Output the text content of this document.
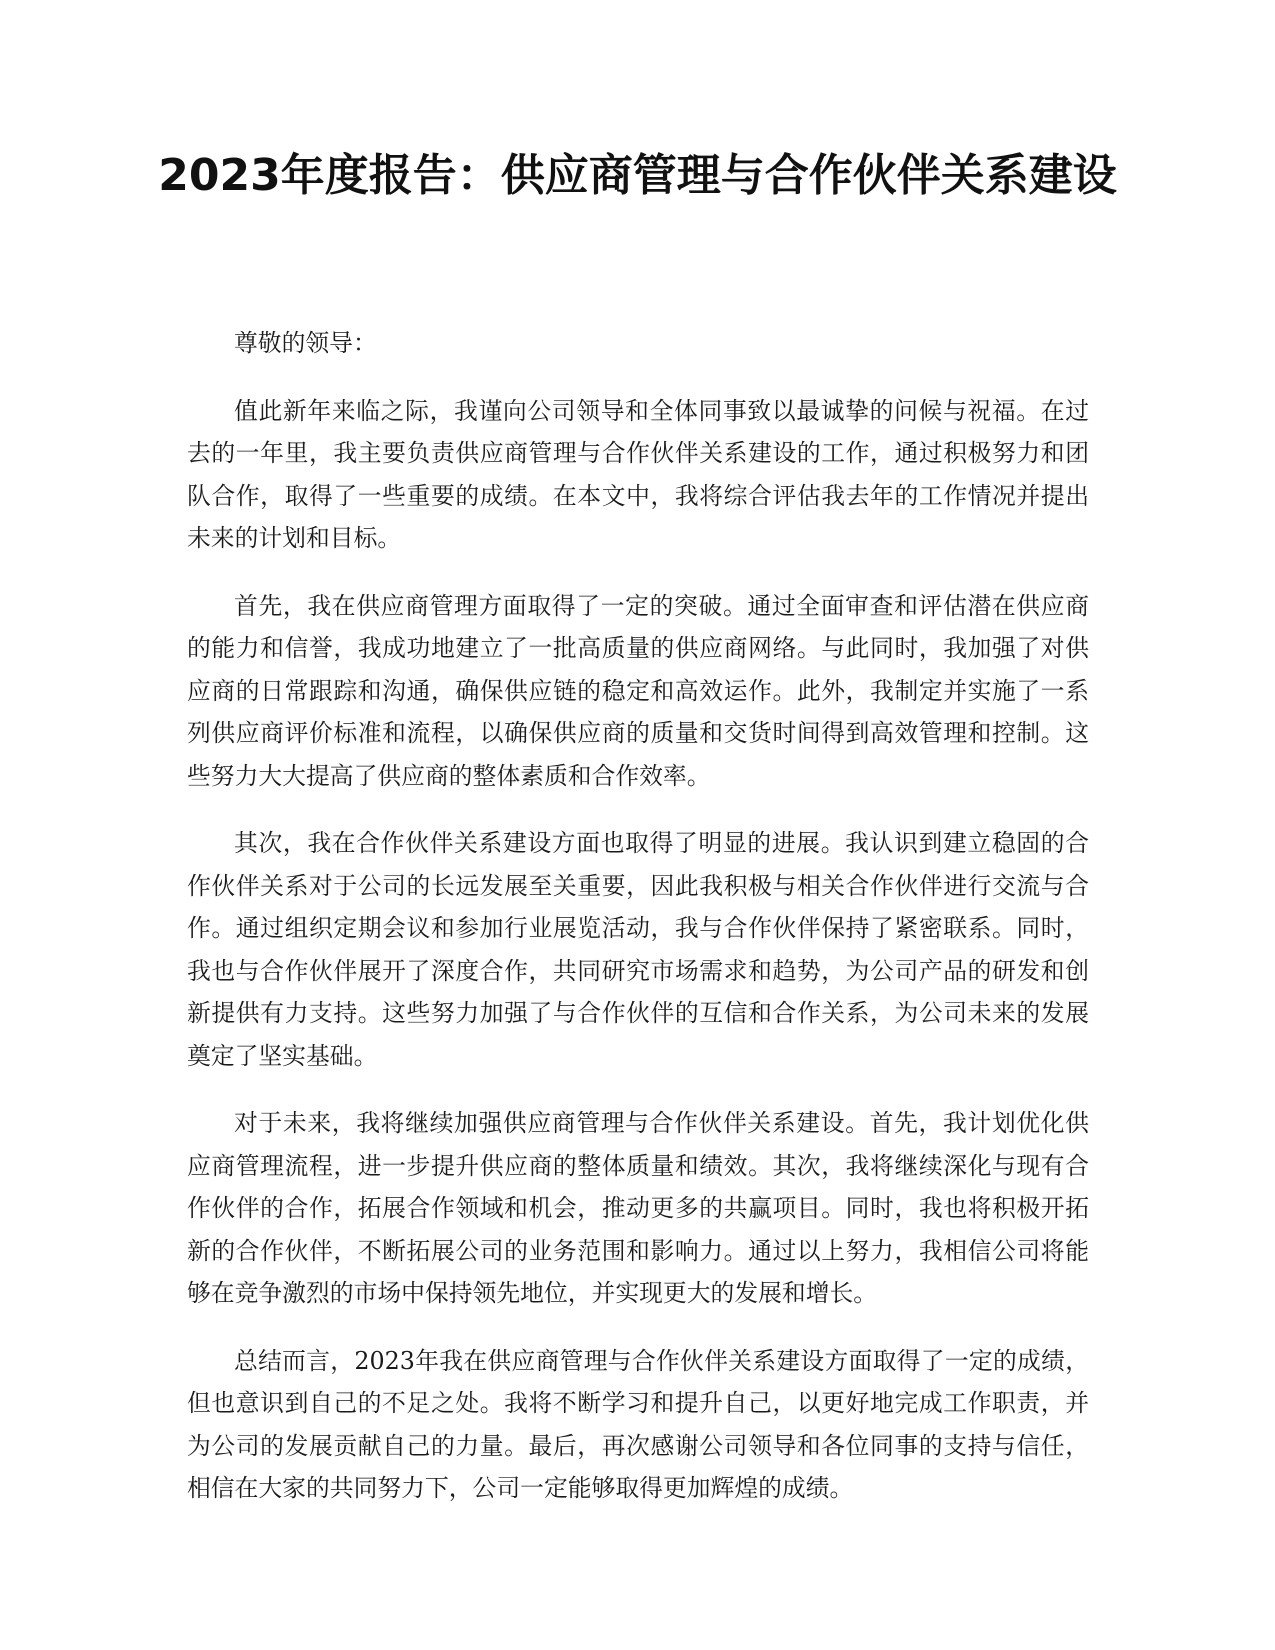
2023年度报告：供应商管理与合作伙伴关系建设

尊敬的领导：

值此新年来临之际，我谨向公司领导和全体同事致以最诚挚的问候与祝福。在过去的一年里，我主要负责供应商管理与合作伙伴关系建设的工作，通过积极努力和团队合作，取得了一些重要的成绩。在本文中，我将综合评估我去年的工作情况并提出未来的计划和目标。

首先，我在供应商管理方面取得了一定的突破。通过全面审查和评估潜在供应商的能力和信誉，我成功地建立了一批高质量的供应商网络。与此同时，我加强了对供应商的日常跟踪和沟通，确保供应链的稳定和高效运作。此外，我制定并实施了一系列供应商评价标准和流程，以确保供应商的质量和交货时间得到高效管理和控制。这些努力大大提高了供应商的整体素质和合作效率。

其次，我在合作伙伴关系建设方面也取得了明显的进展。我认识到建立稳固的合作伙伴关系对于公司的长远发展至关重要，因此我积极与相关合作伙伴进行交流与合作。通过组织定期会议和参加行业展览活动，我与合作伙伴保持了紧密联系。同时，我也与合作伙伴展开了深度合作，共同研究市场需求和趋势，为公司产品的研发和创新提供有力支持。这些努力加强了与合作伙伴的互信和合作关系，为公司未来的发展奠定了坚实基础。

对于未来，我将继续加强供应商管理与合作伙伴关系建设。首先，我计划优化供应商管理流程，进一步提升供应商的整体质量和绩效。其次，我将继续深化与现有合作伙伴的合作，拓展合作领域和机会，推动更多的共赢项目。同时，我也将积极开拓新的合作伙伴，不断拓展公司的业务范围和影响力。通过以上努力，我相信公司将能够在竞争激烈的市场中保持领先地位，并实现更大的发展和增长。

总结而言，2023年我在供应商管理与合作伙伴关系建设方面取得了一定的成绩，但也意识到自己的不足之处。我将不断学习和提升自己，以更好地完成工作职责，并为公司的发展贡献自己的力量。最后，再次感谢公司领导和各位同事的支持与信任，相信在大家的共同努力下，公司一定能够取得更加辉煌的成绩。
